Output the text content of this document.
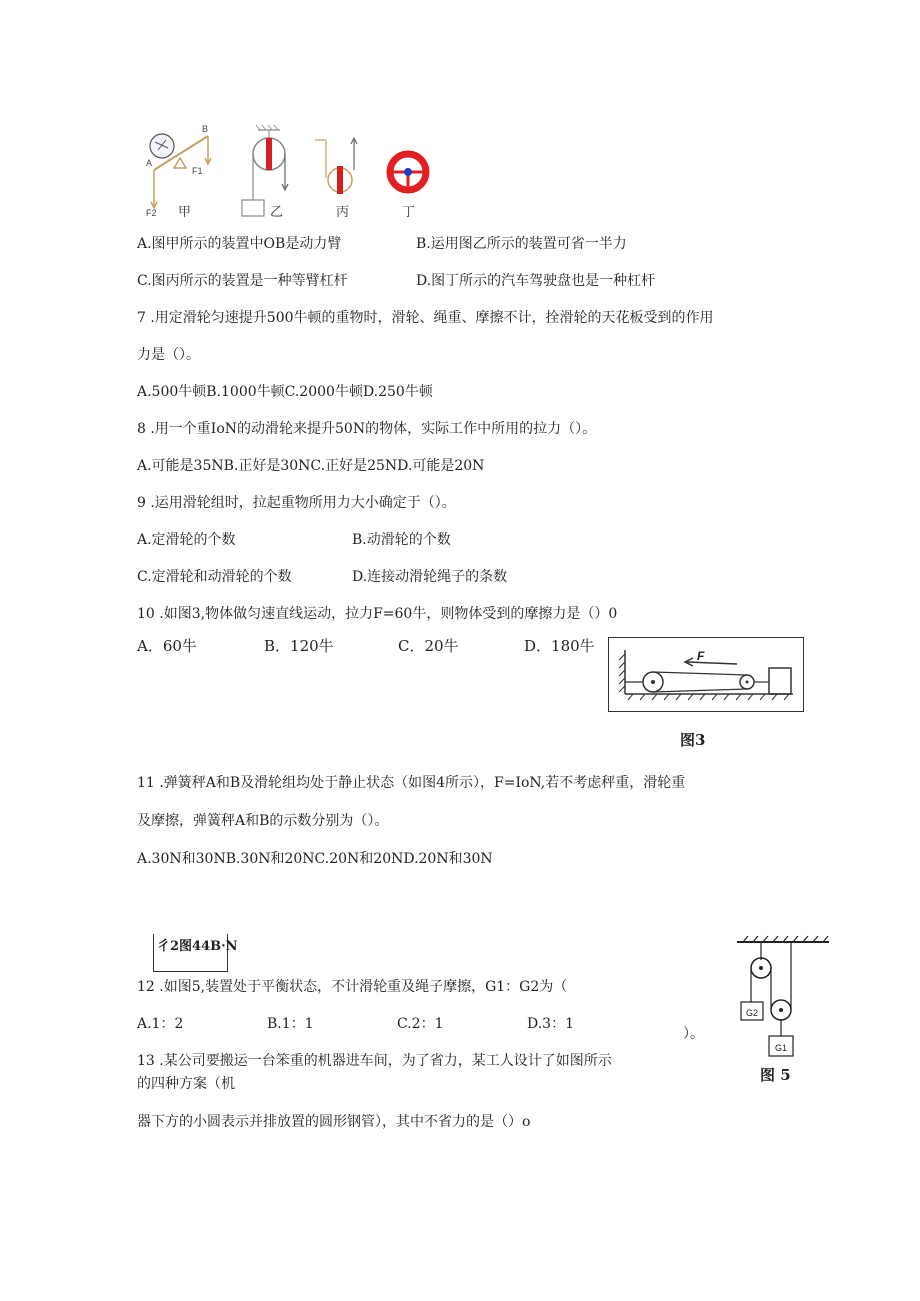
B
A
F1
F2 甲	乙	丙	丁
A.图甲所示的装置中OB是动力臂	B.运用图乙所示的装置可省一半力
C.图丙所示的装置是一种等臂杠杆	D.图丁所示的汽车驾驶盘也是一种杠杆
7 .用定滑轮匀速提升500牛顿的重物时，滑轮、绳重、摩擦不计，拴滑轮的天花板受到的作用
力是（）。
A.500牛顿B.1000牛顿C.2000牛顿D.250牛顿
8 .用一个重IoN的动滑轮来提升50N的物体，实际工作中所用的拉力（）。
A.可能是35NB.正好是30NC.正好是25ND.可能是20N
9 .运用滑轮组时，拉起重物所用力大小确定于（）。
A.定滑轮的个数	B.动滑轮的个数
C.定滑轮和动滑轮的个数	D.连接动滑轮绳子的条数
10 .如图3,物体做匀速直线运动，拉力F=60牛，则物体受到的摩擦力是（）0
A．60牛	B．120牛	C．20牛	D．180牛
F
图3
11 .弹簧秤A和B及滑轮组均处于静止状态（如图4所示），F=IoN,若不考虑秤重，滑轮重
及摩擦，弹簧秤A和B的示数分别为（）。
A.30N和30NB.30N和20NC.20N和20ND.20N和30N
彳2图44B·N
G2
G1
图 5
12 .如图5,装置处于平衡状态，不计滑轮重及绳子摩擦，G1：G2为（
A.1：2	B.1：1	C.2：1	D.3：1
）。
13 .某公司要搬运一台笨重的机器进车间，为了省力，某工人设计了如图所示
的四种方案（机
器下方的小圆表示并排放置的圆形钢管），其中不省力的是（）o
